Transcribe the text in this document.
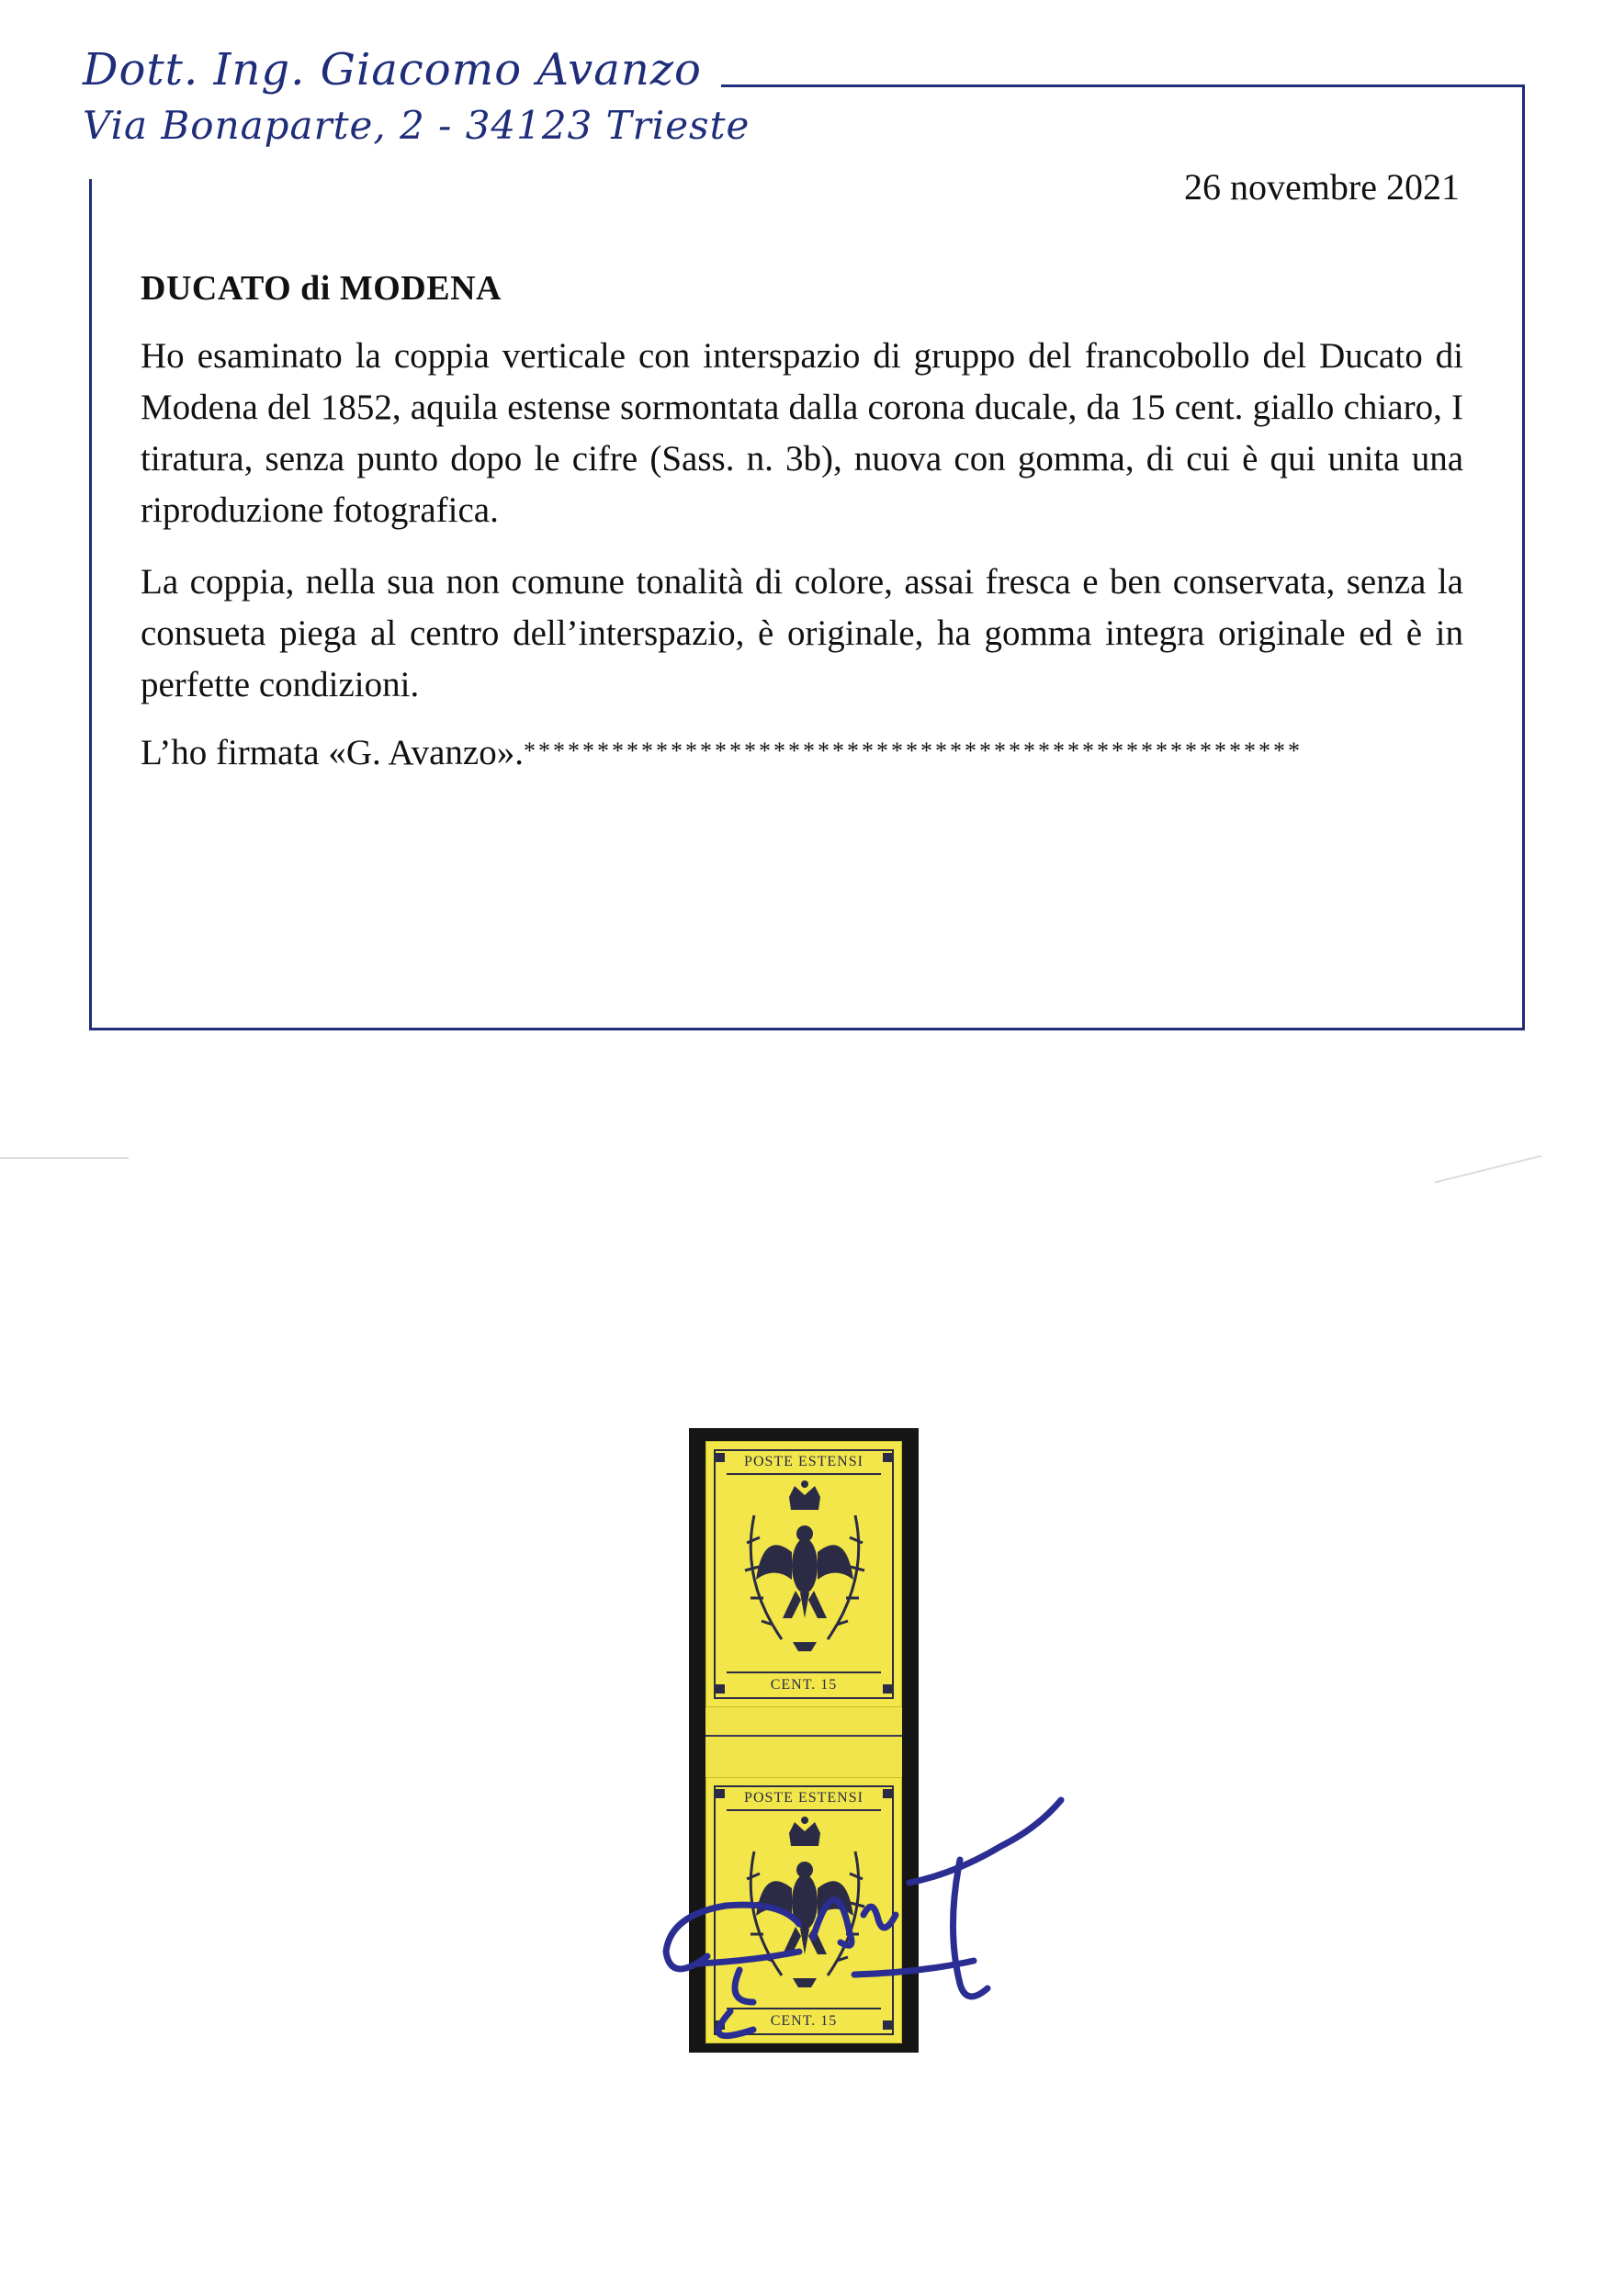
Dott. Ing. Giacomo Avanzo

Via Bonaparte, 2 - 34123 Trieste

26 novembre 2021

DUCATO di MODENA

Ho esaminato la coppia verticale con interspazio di gruppo del francobollo del Ducato di Modena del 1852, aquila estense sormontata dalla corona ducale, da 15 cent. giallo chiaro, I tiratura, senza punto dopo le cifre (Sass. n. 3b), nuova con gomma, di cui è qui unita una riproduzione fotografica.

La coppia, nella sua non comune tonalità di colore, assai fresca e ben conservata, senza la consueta piega al centro dell’interspazio, è originale, ha gomma integra originale ed è in perfette condizioni.

L’ho firmata «G. Avanzo».*****************************************************

POSTE ESTENSI
CENT. 15
POSTE ESTENSI
CENT. 15
